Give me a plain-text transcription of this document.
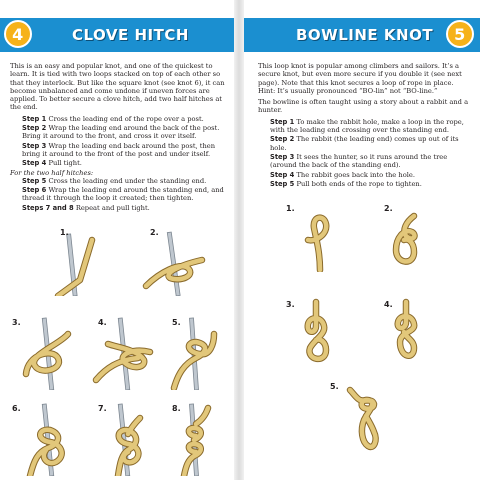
4	CLOVE HITCH

This is an easy and popular knot, and one of the quickest to learn. It is tied with two loops stacked on top of each other so that they interlock. But like the square knot (see knot 6), it can become unbalanced and come undone if uneven forces are applied. To better secure a clove hitch, add two half hitches at the end.

Step 1 Cross the leading end of the rope over a post.
Step 2 Wrap the leading end around the back of the post. Bring it around to the front, and cross it over itself.
Step 3 Wrap the leading end back around the post, then bring it around to the front of the post and under itself.
Step 4 Pull tight.
For the two half hitches:
Step 5 Cross the leading end under the standing end.
Step 6 Wrap the leading end around the standing end, and thread it through the loop it created; then tighten.
Steps 7 and 8 Repeat and pull tight.
1.	2.
3.	4.	5.
6.	7.	8.
BOWLINE KNOT	5

This loop knot is popular among climbers and sailors. It’s a secure knot, but even more secure if you double it (see next page). Note that this knot secures a loop of rope in place. Hint: It’s usually pronounced “BO-lin” not “BO-line.”

The bowline is often taught using a story about a rabbit and a hunter.

Step 1 To make the rabbit hole, make a loop in the rope, with the leading end crossing over the standing end.
Step 2 The rabbit (the leading end) comes up out of its hole.
Step 3 It sees the hunter, so it runs around the tree (around the back of the standing end).
Step 4 The rabbit goes back into the hole.
Step 5 Pull both ends of the rope to tighten.
1.	2.
3.	4.
5.
